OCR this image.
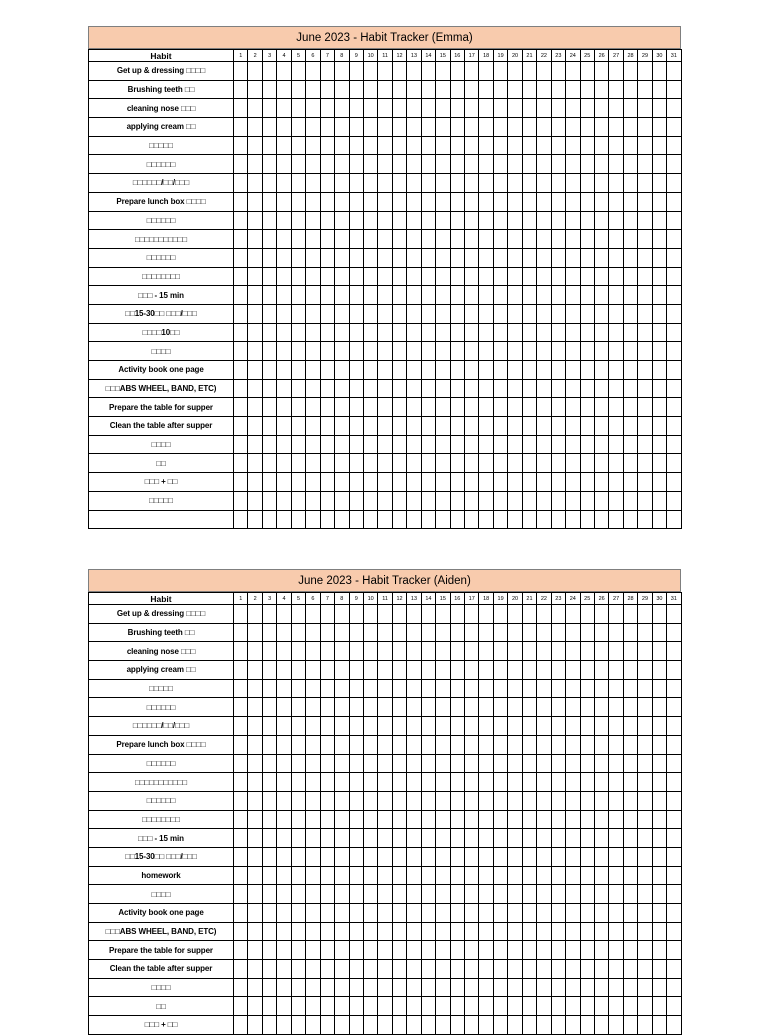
June 2023 - Habit Tracker (Emma)
Habit	1	2	3	4	5	6	7	8	9	10	11	12	13	14	15	16	17	18	19	20	21	22	23	24	25	26	27	28	29	30	31
Get up & dressing □□□□																															
Brushing teeth □□																															
cleaning nose □□□																															
applying cream □□																															
□□□□□																															
□□□□□□																															
□□□□□□/□□/□□□																															
Prepare lunch box □□□□																															
□□□□□□																															
□□□□□□□□□□□																															
□□□□□□																															
□□□□□□□□																															
□□□ - 15 min																															
□□15-30□□ □□□/□□□																															
□□□□10□□																															
□□□□																															
Activity book one page																															
□□□ABS WHEEL, BAND, ETC)																															
Prepare the table for supper																															
Clean the table after supper																															
□□□□																															
□□																															
□□□ + □□																															
□□□□□																															

June 2023 - Habit Tracker (Aiden)
Habit	1	2	3	4	5	6	7	8	9	10	11	12	13	14	15	16	17	18	19	20	21	22	23	24	25	26	27	28	29	30	31
Get up & dressing □□□□																															
Brushing teeth □□																															
cleaning nose □□□																															
applying cream □□																															
□□□□□																															
□□□□□□																															
□□□□□□/□□/□□□																															
Prepare lunch box □□□□																															
□□□□□□																															
□□□□□□□□□□□																															
□□□□□□																															
□□□□□□□□																															
□□□ - 15 min																															
□□15-30□□ □□□/□□□																															
homework																															
□□□□																															
Activity book one page																															
□□□ABS WHEEL, BAND, ETC)																															
Prepare the table for supper																															
Clean the table after supper																															
□□□□																															
□□																															
□□□ + □□																															
